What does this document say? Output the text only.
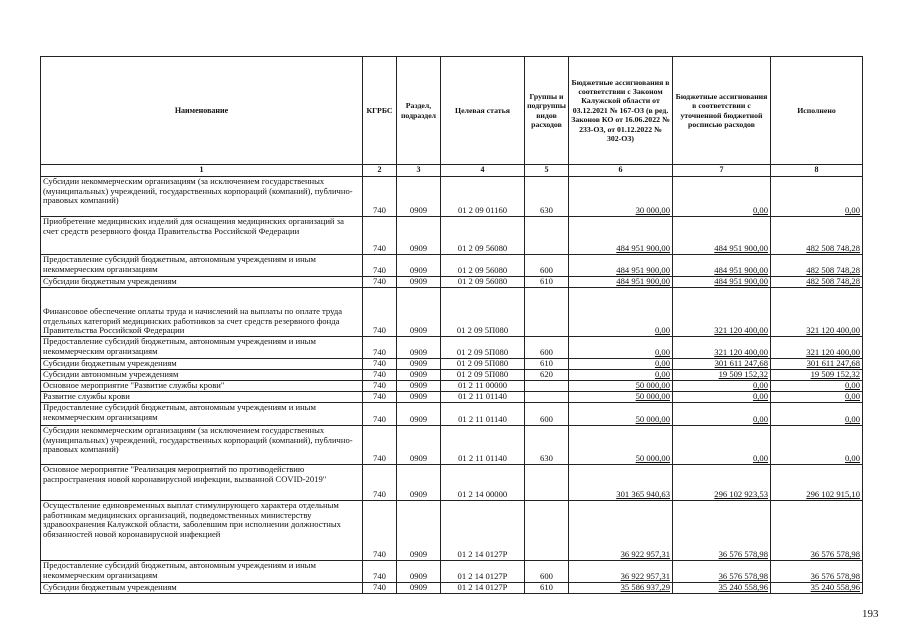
Наименование	КГРБС	Раздел, подраздел	Целевая статья	Группы и подгруппы видов расходов	Бюджетные ассигнования в соответствии с Законом Калужской области от 03.12.2021 № 167-ОЗ (в ред. Законов КО от 16.06.2022 № 233-ОЗ, от 01.12.2022 № 302-ОЗ)	Бюджетные ассигнования в соответствии с уточненной бюджетной росписью расходов	Исполнено
1	2	3	4	5	6	7	8
Субсидии некоммерческим организациям (за исключением государственных (муниципальных) учреждений, государственных корпораций (компаний), публично-правовых компаний)	740	0909	01 2 09 01160	630	30 000,00	0,00	0,00
Приобретение медицинских изделий для оснащения медицинских организаций за счет средств резервного фонда Правительства Российской Федерации	740	0909	01 2 09 56080		484 951 900,00	484 951 900,00	482 508 748,28
Предоставление субсидий бюджетным, автономным учреждениям и иным некоммерческим организациям	740	0909	01 2 09 56080	600	484 951 900,00	484 951 900,00	482 508 748,28
Субсидии бюджетным учреждениям	740	0909	01 2 09 56080	610	484 951 900,00	484 951 900,00	482 508 748,28
Финансовое обеспечение оплаты труда и начислений на выплаты по оплате труда отдельных категорий медицинских работников за счет средств резервного фонда Правительства Российской Федерации	740	0909	01 2 09 5П080		0,00	321 120 400,00	321 120 400,00
Предоставление субсидий бюджетным, автономным учреждениям и иным некоммерческим организациям	740	0909	01 2 09 5П080	600	0,00	321 120 400,00	321 120 400,00
Субсидии бюджетным учреждениям	740	0909	01 2 09 5П080	610	0,00	301 611 247,68	301 611 247,68
Субсидии автономным учреждениям	740	0909	01 2 09 5П080	620	0,00	19 509 152,32	19 509 152,32
Основное мероприятие "Развитие службы крови"	740	0909	01 2 11 00000		50 000,00	0,00	0,00
Развитие службы крови	740	0909	01 2 11 01140		50 000,00	0,00	0,00
Предоставление субсидий бюджетным, автономным учреждениям и иным некоммерческим организациям	740	0909	01 2 11 01140	600	50 000,00	0,00	0,00
Субсидии некоммерческим организациям (за исключением государственных (муниципальных) учреждений, государственных корпораций (компаний), публично-правовых компаний)	740	0909	01 2 11 01140	630	50 000,00	0,00	0,00
Основное мероприятие "Реализация мероприятий по противодействию распространения новой коронавирусной инфекции, вызванной COVID-2019"	740	0909	01 2 14 00000		301 365 940,63	296 102 923,53	296 102 915,10
Осуществление единовременных выплат стимулирующего характера отдельным работникам медицинских организаций, подведомственных министерству здравоохранения Калужской области, заболевшим при исполнении должностных обязанностей новой коронавирусной инфекцией	740	0909	01 2 14 0127Р		36 922 957,31	36 576 578,98	36 576 578,98
Предоставление субсидий бюджетным, автономным учреждениям и иным некоммерческим организациям	740	0909	01 2 14 0127Р	600	36 922 957,31	36 576 578,98	36 576 578,98
Субсидии бюджетным учреждениям	740	0909	01 2 14 0127Р	610	35 586 937,29	35 240 558,96	35 240 558,96
193
